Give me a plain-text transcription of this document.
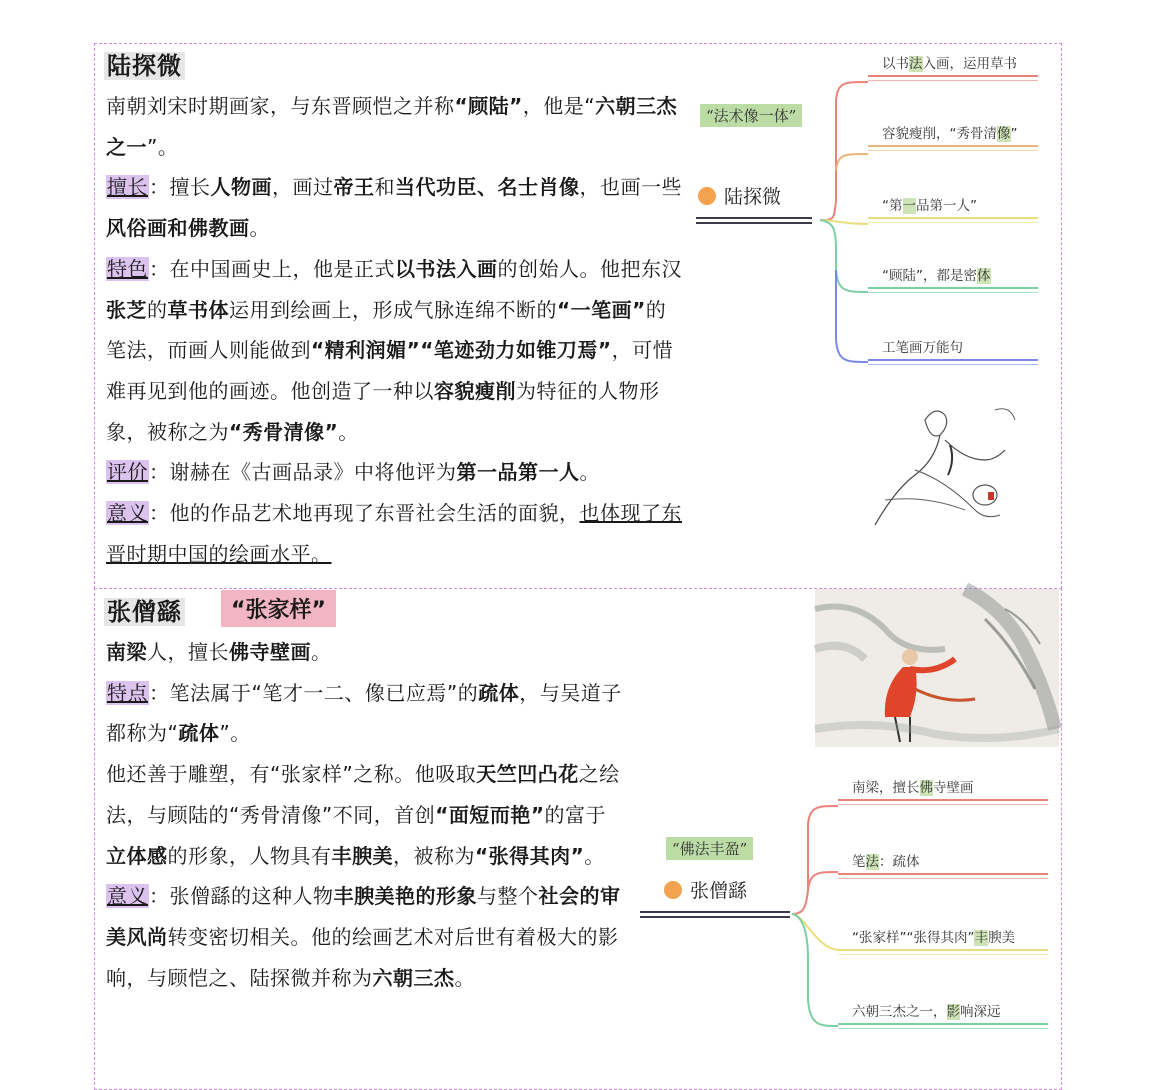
陆探微

南朝刘宋时期画家，与东晋顾恺之并称“顾陆”，他是“六朝三杰之一”。

擅长：擅长人物画，画过帝王和当代功臣、名士肖像，也画一些风俗画和佛教画。

特色：在中国画史上，他是正式以书法入画的创始人。他把东汉张芝的草书体运用到绘画上，形成气脉连绵不断的“一笔画”的笔法，而画人则能做到“精利润媚”“笔迹劲力如锥刀焉”，可惜难再见到他的画迹。他创造了一种以容貌瘦削为特征的人物形象，被称之为“秀骨清像”。

评价：谢赫在《古画品录》中将他评为第一品第一人。

意义：他的作品艺术地再现了东晋社会生活的面貌，也体现了东晋时期中国的绘画水平。

“法术像一体”
陆探微
以书法入画，运用草书
容貌瘦削，“秀骨清像”
“第一品第一人”
“顾陆”，都是密体
工笔画万能句
张僧繇	“张家样”

南梁人，擅长佛寺壁画。

特点：笔法属于“笔才一二、像已应焉”的疏体，与吴道子都称为“疏体”。

他还善于雕塑，有“张家样”之称。他吸取天竺凹凸花之绘法，与顾陆的“秀骨清像”不同，首创“面短而艳”的富于立体感的形象，人物具有丰腴美，被称为“张得其肉”。

意义：张僧繇的这种人物丰腴美艳的形象与整个社会的审美风尚转变密切相关。他的绘画艺术对后世有着极大的影响，与顾恺之、陆探微并称为六朝三杰。

“佛法丰盈”
张僧繇
南梁，擅长佛寺壁画
笔法：疏体
“张家样”“张得其肉”丰腴美
六朝三杰之一，影响深远
